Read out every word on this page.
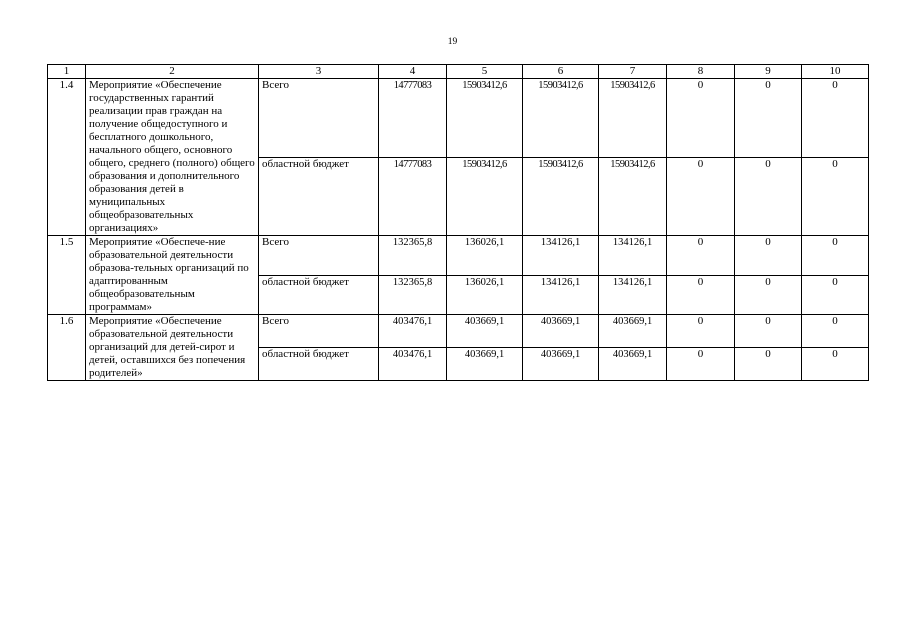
19
1	2	3	4	5	6	7	8	9	10
1.4	Мероприятие «Обеспечение государственных гарантий реализации прав граждан на получение общедоступного и бесплатного дошкольного, начального общего, основного общего, среднего (полного) общего образования и дополнительного образования детей в муниципальных общеобразовательных организациях»	Всего	14777083	15903412,6	15903412,6	15903412,6	0	0	0
		областной бюджет	14777083	15903412,6	15903412,6	15903412,6	0	0	0
1.5	Мероприятие «Обеспече-ние образовательной деятельности образова-тельных организаций по адаптированным общеобразовательным программам»	Всего	132365,8	136026,1	134126,1	134126,1	0	0	0
		областной бюджет	132365,8	136026,1	134126,1	134126,1	0	0	0
1.6	Мероприятие «Обеспечение образовательной деятельности организаций для детей-сирот и детей, оставшихся без попечения родителей»	Всего	403476,1	403669,1	403669,1	403669,1	0	0	0
		областной бюджет	403476,1	403669,1	403669,1	403669,1	0	0	0
